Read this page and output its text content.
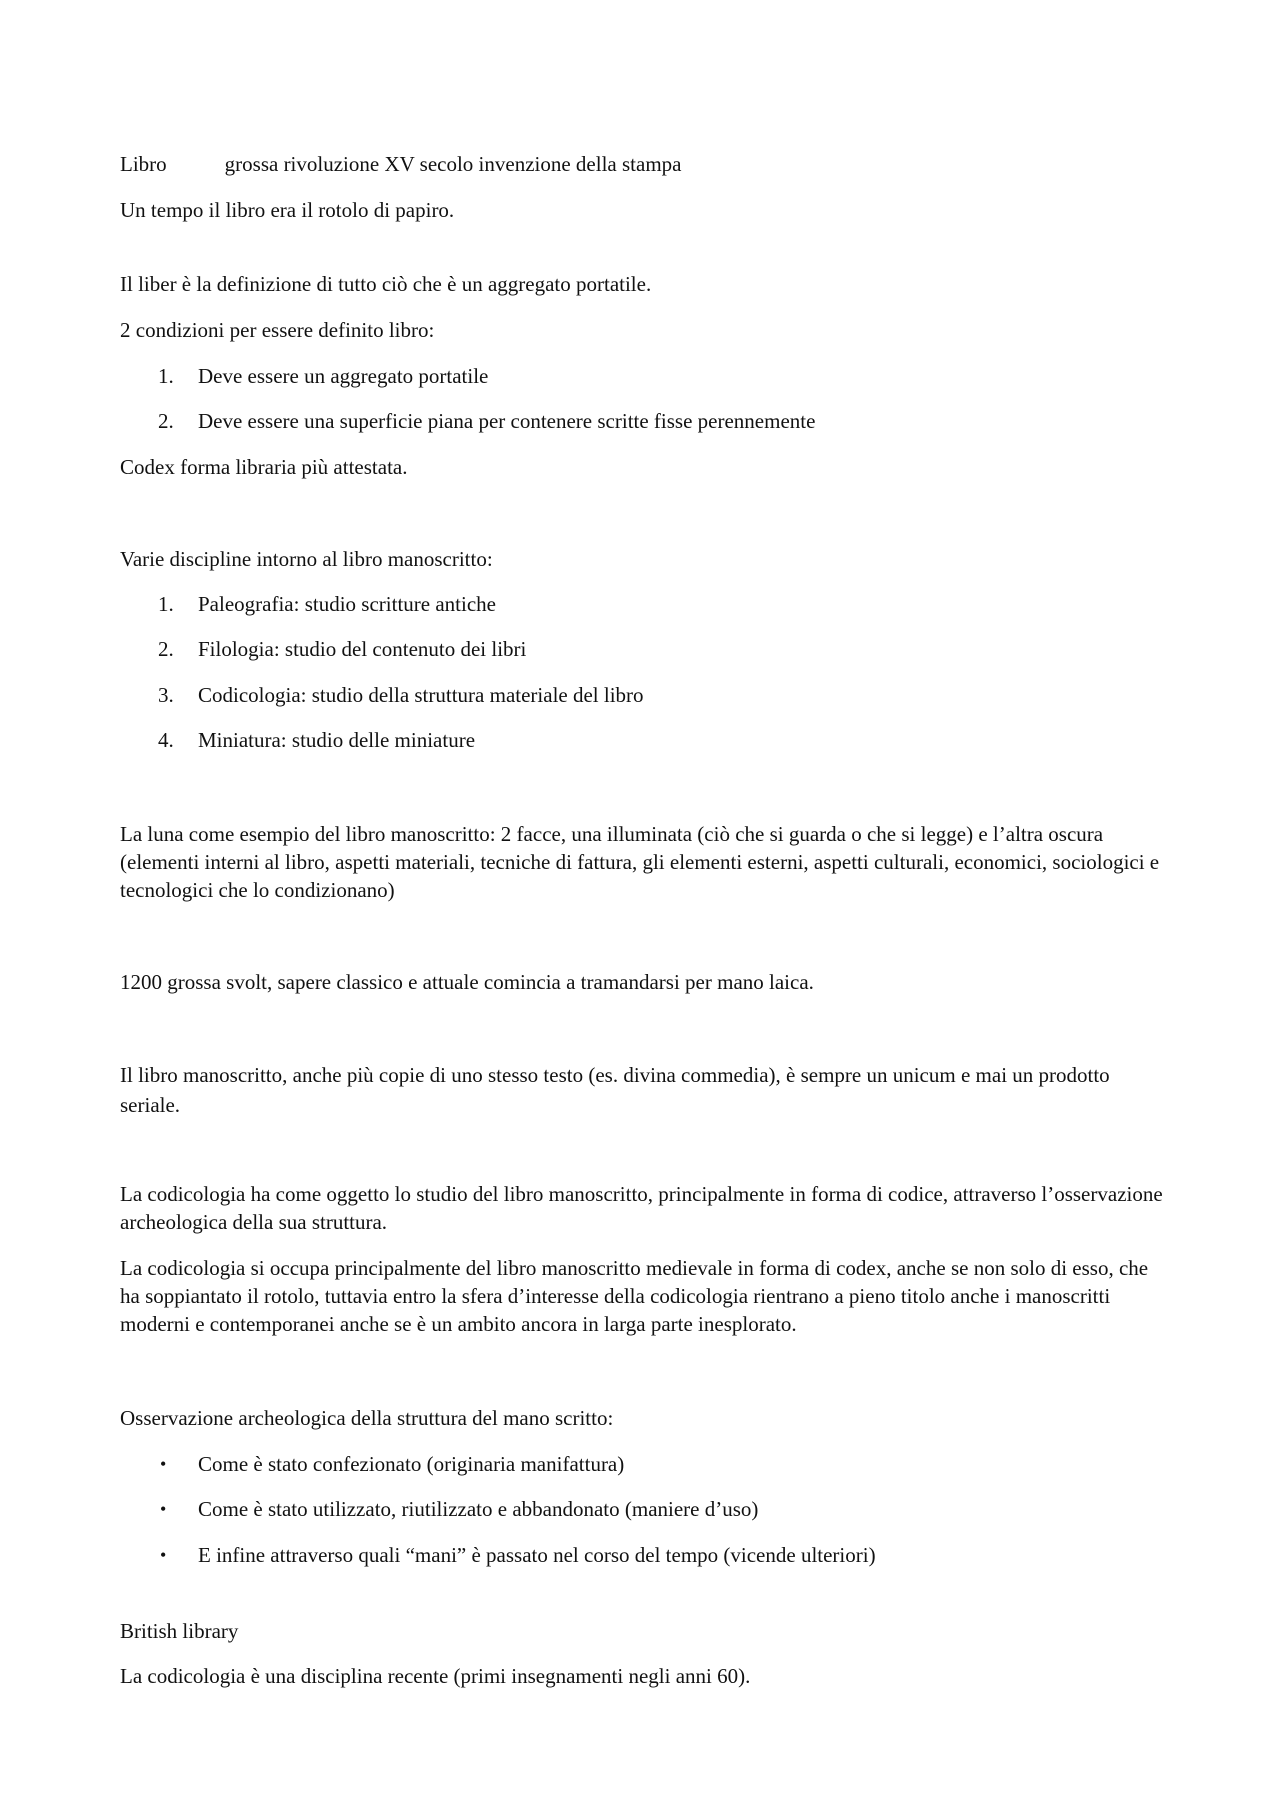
Libro	grossa rivoluzione XV secolo invenzione della stampa

Un tempo il libro era il rotolo di papiro.

Il liber è la definizione di tutto ciò che è un aggregato portatile.

2 condizioni per essere definito libro:

1. Deve essere un aggregato portatile
2. Deve essere una superficie piana per contenere scritte fisse perennemente

Codex forma libraria più attestata.

Varie discipline intorno al libro manoscritto:

1. Paleografia: studio scritture antiche
2. Filologia: studio del contenuto dei libri
3. Codicologia: studio della struttura materiale del libro
4. Miniatura: studio delle miniature

La luna come esempio del libro manoscritto: 2 facce, una illuminata (ciò che si guarda o che si legge) e l’altra oscura (elementi interni al libro, aspetti materiali, tecniche di fattura, gli elementi esterni, aspetti culturali, economici, sociologici e tecnologici che lo condizionano)

1200 grossa svolt, sapere classico e attuale comincia a tramandarsi per mano laica.

Il libro manoscritto, anche più copie di uno stesso testo (es. divina commedia), è sempre un unicum e mai un prodotto seriale.

La codicologia ha come oggetto lo studio del libro manoscritto, principalmente in forma di codice, attraverso l’osservazione archeologica della sua struttura.

La codicologia si occupa principalmente del libro manoscritto medievale in forma di codex, anche se non solo di esso, che ha soppiantato il rotolo, tuttavia entro la sfera d’interesse della codicologia rientrano a pieno titolo anche i manoscritti moderni e contemporanei anche se è un ambito ancora in larga parte inesplorato.

Osservazione archeologica della struttura del mano scritto:

• Come è stato confezionato (originaria manifattura)
• Come è stato utilizzato, riutilizzato e abbandonato (maniere d’uso)
• E infine attraverso quali “mani” è passato nel corso del tempo (vicende ulteriori)

British library

La codicologia è una disciplina recente (primi insegnamenti negli anni 60).
